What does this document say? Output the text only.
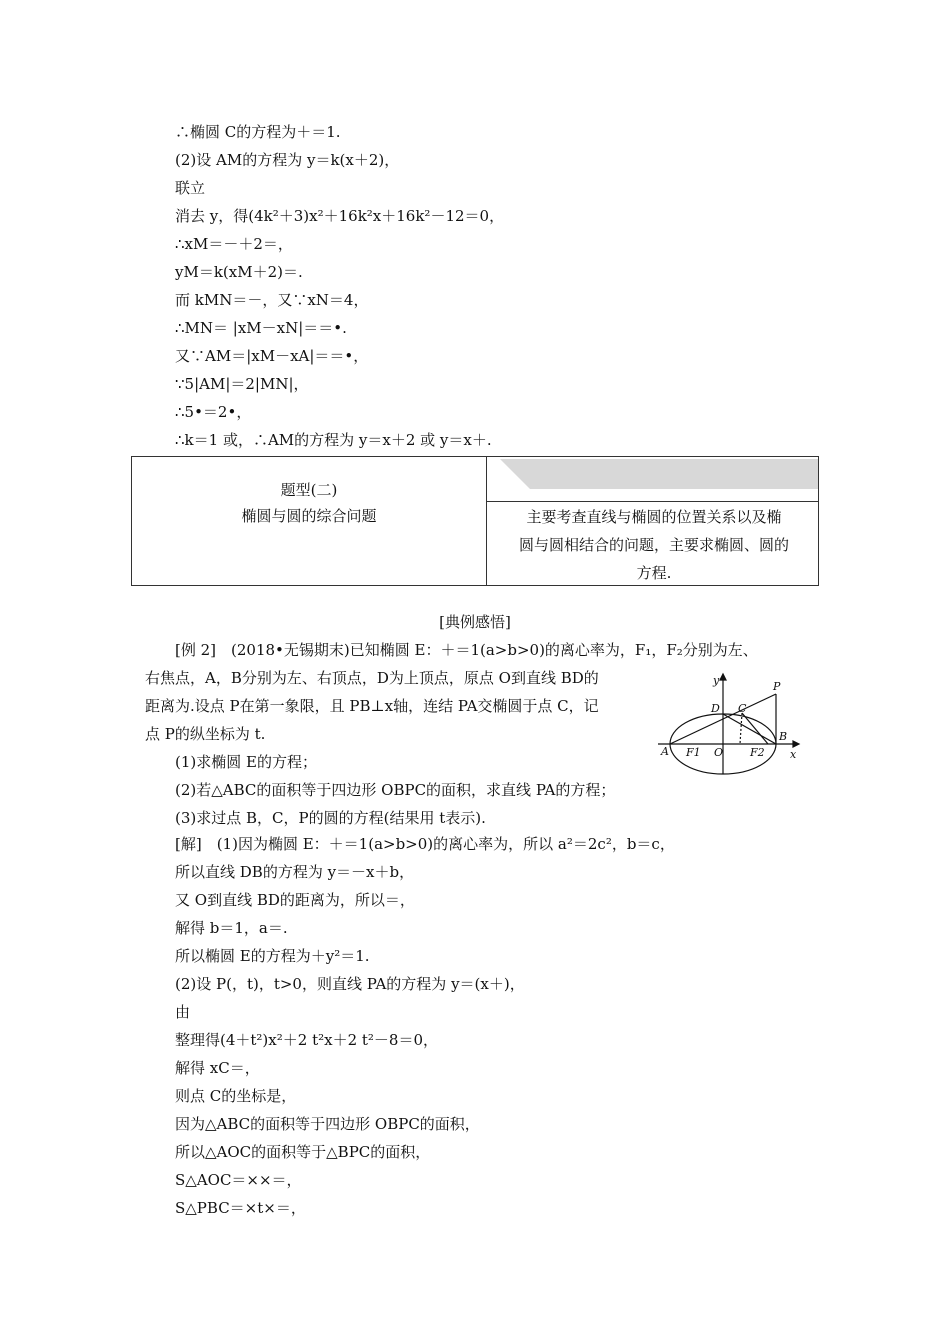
∴椭圆 C的方程为＋＝1.
(2)设 AM的方程为 y＝k(x＋2)，
联立
消去 y，得(4k²＋3)x²＋16k²x＋16k²－12＝0，
∴xM＝－＋2＝，
yM＝k(xM＋2)＝.
而 kMN＝－，又∵xN＝4，
∴MN＝ |xM－xN|＝＝•.
又∵AM＝|xM－xA|＝＝•，
∵5|AM|＝2|MN|，
∴5•＝2•，
∴k＝1 或，∴AM的方程为 y＝x＋2 或 y＝x＋.
题型(二)
椭圆与圆的综合问题	主要考查直线与椭圆的位置关系以及椭
圆与圆相结合的问题，主要求椭圆、圆的
方程.
[典例感悟]
[例 2]　(2018•无锡期末)已知椭圆 E：＋＝1(a>b>0)的离心率为，F₁，F₂分别为左、
右焦点，A，B分别为左、右顶点，D为上顶点，原点 O到直线 BD的
距离为.设点 P在第一象限，且 PB⊥x轴，连结 PA交椭圆于点 C，记
点 P的纵坐标为 t.
(1)求椭圆 E的方程；
(2)若△ABC的面积等于四边形 OBPC的面积，求直线 PA的方程；
(3)求过点 B，C，P的圆的方程(结果用 t表示).
y
x
P
D C
A F1 O F2
B
[解]　(1)因为椭圆 E：＋＝1(a>b>0)的离心率为，所以 a²＝2c²，b＝c，
所以直线 DB的方程为 y＝－x＋b，
又 O到直线 BD的距离为，所以＝，
解得 b＝1，a＝.
所以椭圆 E的方程为＋y²＝1.
(2)设 P(，t)，t>0，则直线 PA的方程为 y＝(x＋)，
由
整理得(4＋t²)x²＋2 t²x＋2 t²－8＝0，
解得 xC＝，
则点 C的坐标是，
因为△ABC的面积等于四边形 OBPC的面积，
所以△AOC的面积等于△BPC的面积，
S△AOC＝××＝，
S△PBC＝×t×＝，
